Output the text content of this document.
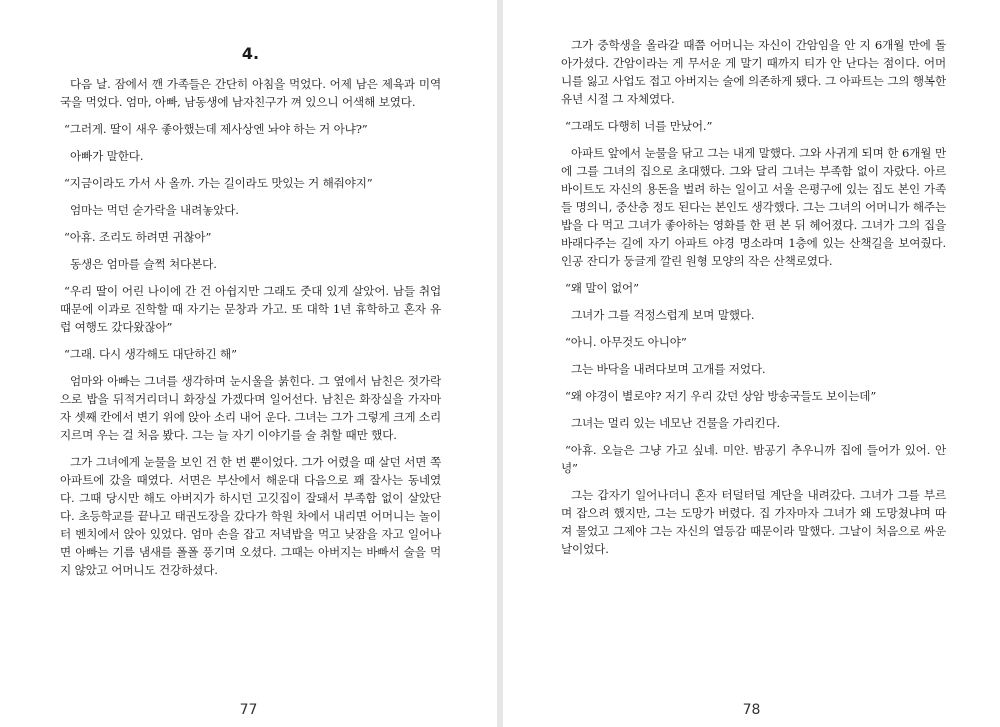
4.

다음 날. 잠에서 깬 가족들은 간단히 아침을 먹었다. 어제 남은 제육과 미역국을 먹었다. 엄마, 아빠, 남동생에 남자친구가 껴 있으니 어색해 보였다.

“그러게. 딸이 새우 좋아했는데 제사상엔 놔야 하는 거 아냐?”

아빠가 말한다.

“지금이라도 가서 사 올까. 가는 길이라도 맛있는 거 해줘야지”

엄마는 먹던 숟가락을 내려놓았다.

“아휴. 조리도 하려면 귀찮아”

동생은 엄마를 슬쩍 쳐다본다.

“우리 딸이 어린 나이에 간 건 아쉽지만 그래도 줏대 있게 살았어. 남들 취업 때문에 이과로 진학할 때 자기는 문창과 가고. 또 대학 1년 휴학하고 혼자 유럽 여행도 갔다왔잖아”

“그래. 다시 생각해도 대단하긴 해”

엄마와 아빠는 그녀를 생각하며 눈시울을 붉힌다. 그 옆에서 남친은 젓가락으로 밥을 뒤적거리더니 화장실 가겠다며 일어선다. 남친은 화장실을 가자마자 셋째 칸에서 변기 위에 앉아 소리 내어 운다. 그녀는 그가 그렇게 크게 소리 지르며 우는 걸 처음 봤다. 그는 늘 자기 이야기를 술 취할 때만 했다.

그가 그녀에게 눈물을 보인 건 한 번 뿐이었다. 그가 어렸을 때 살던 서면 쪽 아파트에 갔을 때였다. 서면은 부산에서 해운대 다음으로 꽤 잘사는 동네였다. 그때 당시만 해도 아버지가 하시던 고깃집이 잘돼서 부족함 없이 살았단다. 초등학교를 끝나고 태권도장을 갔다가 학원 차에서 내리면 어머니는 놀이터 벤치에서 앉아 있었다. 엄마 손을 잡고 저녁밥을 먹고 낮잠을 자고 일어나면 아빠는 기름 냄새를 폴폴 풍기며 오셨다. 그때는 아버지는 바빠서 술을 먹지 않았고 어머니도 건강하셨다.

77

그가 중학생을 올라갈 때쯤 어머니는 자신이 간암임을 안 지 6개월 만에 돌아가셨다. 간암이라는 게 무서운 게 말기 때까지 티가 안 난다는 점이다. 어머니를 잃고 사업도 접고 아버지는 술에 의존하게 됐다. 그 아파트는 그의 행복한 유년 시절 그 자체였다.

“그래도 다행히 너를 만났어.”

아파트 앞에서 눈물을 닦고 그는 내게 말했다. 그와 사귀게 되며 한 6개월 만에 그를 그녀의 집으로 초대했다. 그와 달리 그녀는 부족함 없이 자랐다. 아르바이트도 자신의 용돈을 벌려 하는 일이고 서울 은평구에 있는 집도 본인 가족들 명의니, 중산층 정도 된다는 본인도 생각했다. 그는 그녀의 어머니가 해주는 밥을 다 먹고 그녀가 좋아하는 영화를 한 편 본 뒤 헤어졌다. 그녀가 그의 집을 바래다주는 길에 자기 아파트 야경 명소라며 1층에 있는 산책길을 보여줬다. 인공 잔디가 둥글게 깔린 원형 모양의 작은 산책로였다.

“왜 말이 없어”

그녀가 그를 걱정스럽게 보며 말했다.

“아니. 아무것도 아니야”

그는 바닥을 내려다보며 고개를 저었다.

“왜 야경이 별로야? 저기 우리 갔던 상암 방송국들도 보이는데”

그녀는 멀리 있는 네모난 건물을 가리킨다.

“아휴. 오늘은 그냥 가고 싶네. 미안. 밤공기 추우니까 집에 들어가 있어. 안녕”

그는 갑자기 일어나더니 혼자 터덜터덜 계단을 내려갔다. 그녀가 그를 부르며 잡으려 했지만, 그는 도망가 버렸다. 집 가자마자 그녀가 왜 도망쳤냐며 따져 물었고 그제야 그는 자신의 열등감 때문이라 말했다. 그날이 처음으로 싸운 날이었다.

78
